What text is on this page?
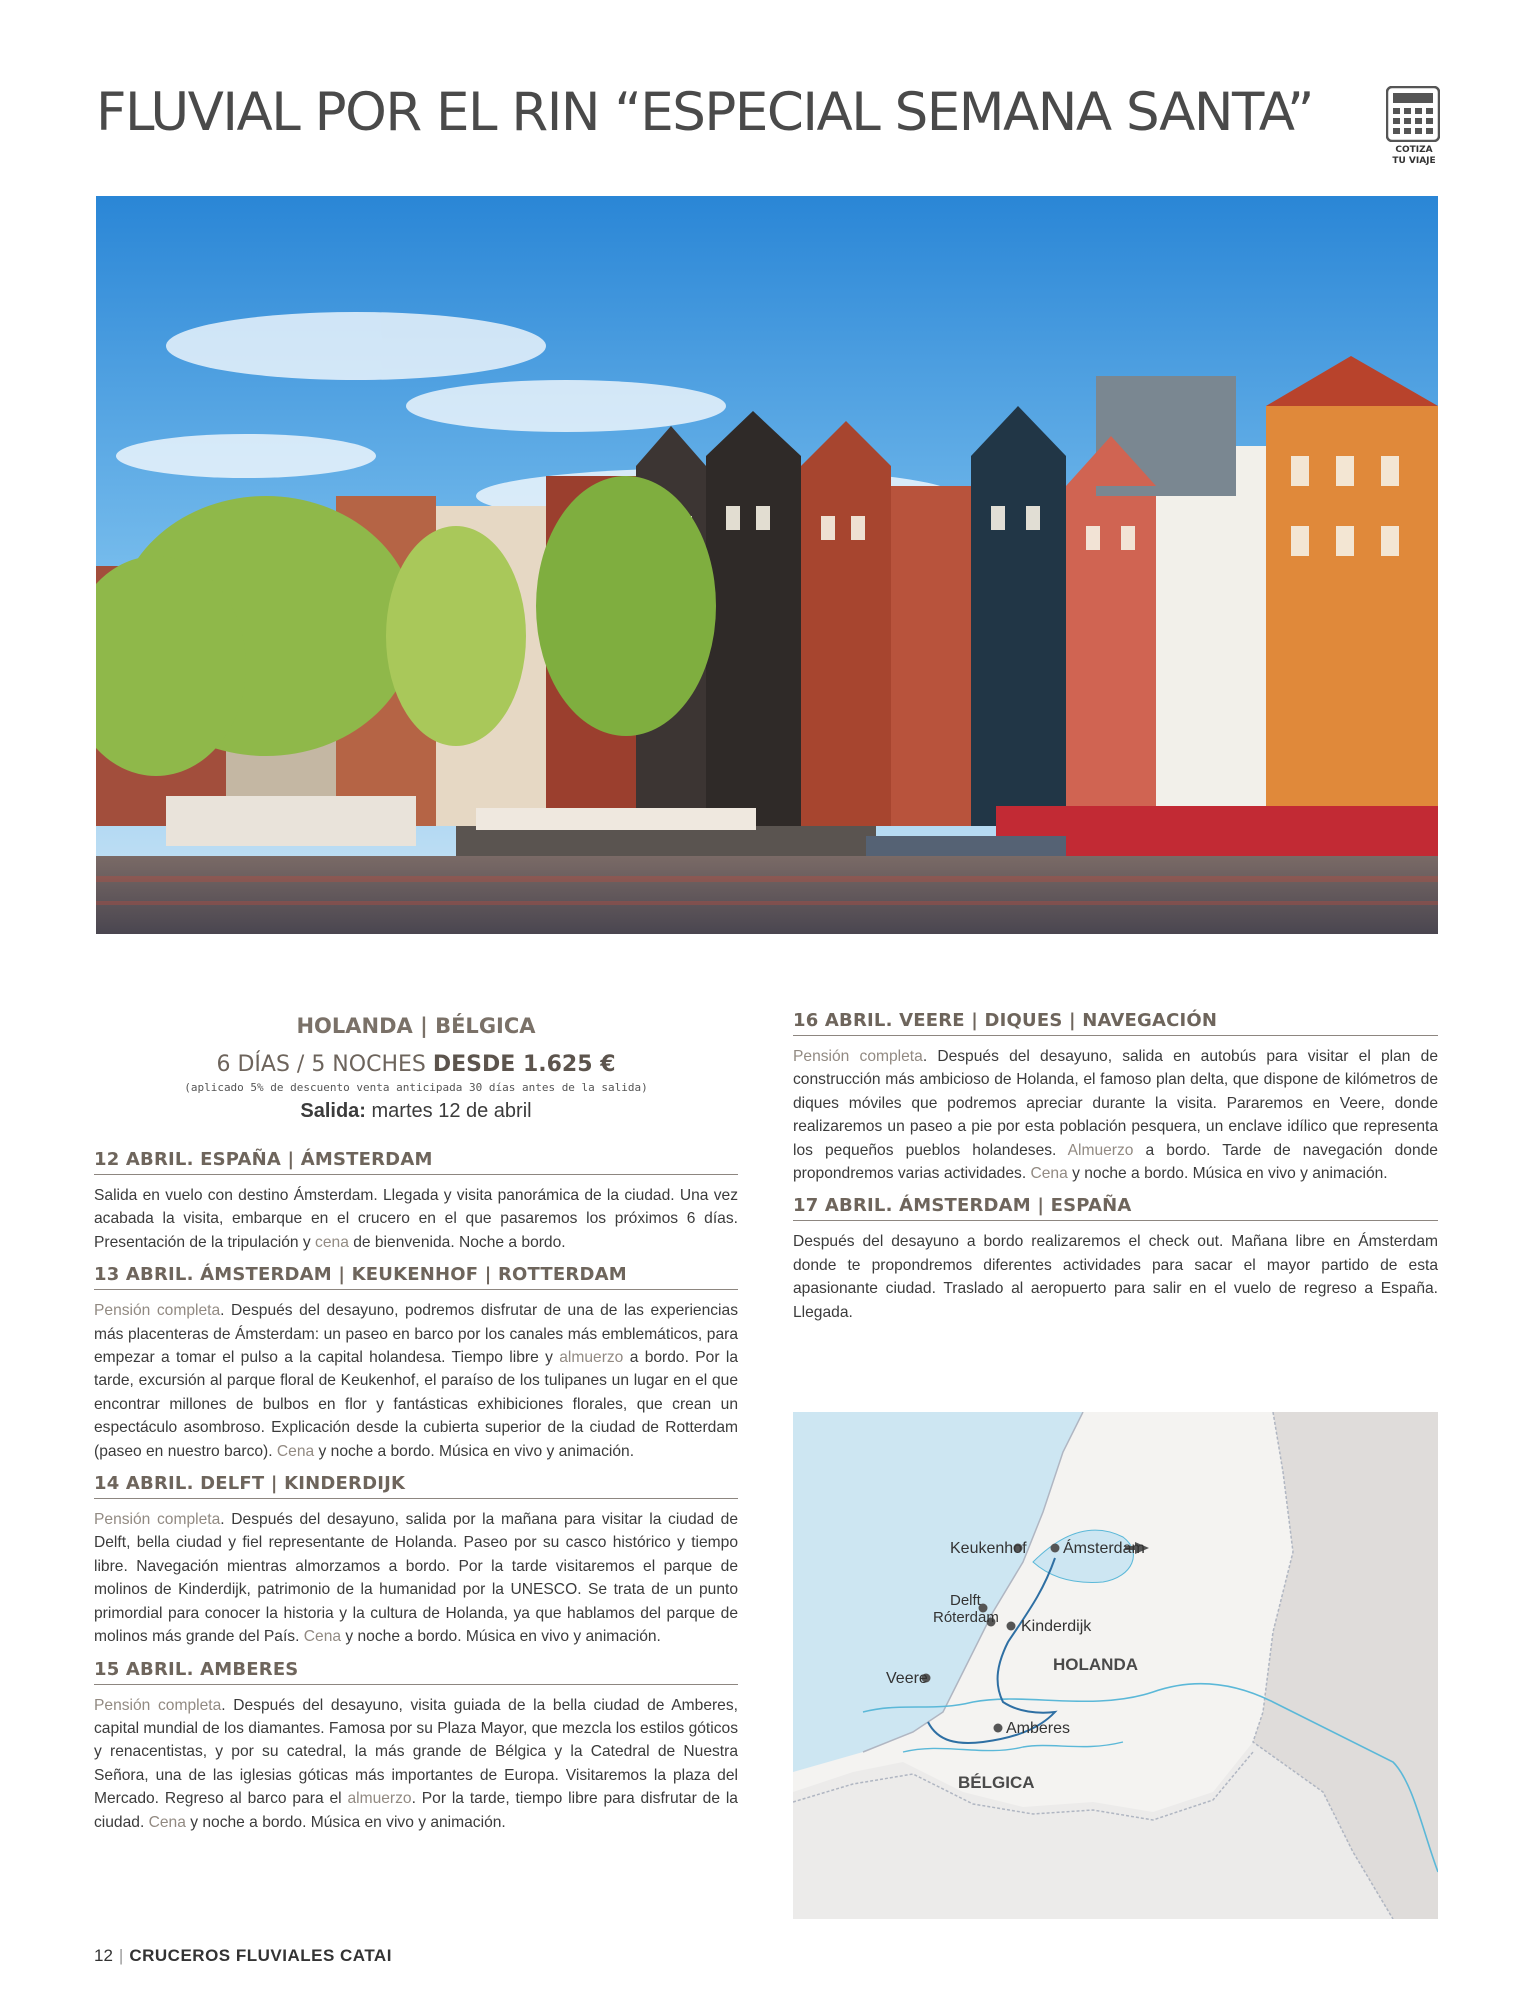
FLUVIAL POR EL RIN “ESPECIAL SEMANA SANTA”
COTIZA
TU VIAJE
HOLANDA | BÉLGICA
6 DÍAS / 5 NOCHES DESDE 1.625 €
(aplicado 5% de descuento venta anticipada 30 días antes de la salida)
Salida: martes 12 de abril
12 ABRIL. ESPAÑA | ÁMSTERDAM

Salida en vuelo con destino Ámsterdam. Llegada y visita panorámica de la ciudad. Una vez acabada la visita, embarque en el crucero en el que pasaremos los próximos 6 días. Presentación de la tripulación y cena de bienvenida. Noche a bordo.

13 ABRIL. ÁMSTERDAM | KEUKENHOF | ROTTERDAM

Pensión completa. Después del desayuno, podremos disfrutar de una de las experiencias más placenteras de Ámsterdam: un paseo en barco por los canales más emblemáticos, para empezar a tomar el pulso a la capital holandesa. Tiempo libre y almuerzo a bordo. Por la tarde, excursión al parque floral de Keukenhof, el paraíso de los tulipanes un lugar en el que encontrar millones de bulbos en flor y fantásticas exhibiciones florales, que crean un espectáculo asombroso. Explicación desde la cubierta superior de la ciudad de Rotterdam (paseo en nuestro barco). Cena y noche a bordo. Música en vivo y animación.

14 ABRIL. DELFT | KINDERDIJK

Pensión completa. Después del desayuno, salida por la mañana para visitar la ciudad de Delft, bella ciudad y fiel representante de Holanda. Paseo por su casco histórico y tiempo libre. Navegación mientras almorzamos a bordo. Por la tarde visitaremos el parque de molinos de Kinderdijk, patrimonio de la humanidad por la UNESCO. Se trata de un punto primordial para conocer la historia y la cultura de Holanda, ya que hablamos del parque de molinos más grande del País. Cena y noche a bordo. Música en vivo y animación.

15 ABRIL. AMBERES

Pensión completa. Después del desayuno, visita guiada de la bella ciudad de Amberes, capital mundial de los diamantes. Famosa por su Plaza Mayor, que mezcla los estilos góticos y renacentistas, y por su catedral, la más grande de Bélgica y la Catedral de Nuestra Señora, una de las iglesias góticas más importantes de Europa. Visitaremos la plaza del Mercado. Regreso al barco para el almuerzo. Por la tarde, tiempo libre para disfrutar de la ciudad. Cena y noche a bordo. Música en vivo y animación.

16 ABRIL. VEERE | DIQUES | NAVEGACIÓN

Pensión completa. Después del desayuno, salida en autobús para visitar el plan de construcción más ambicioso de Holanda, el famoso plan delta, que dispone de kilómetros de diques móviles que podremos apreciar durante la visita. Pararemos en Veere, donde realizaremos un paseo a pie por esta población pesquera, un enclave idílico que representa los pequeños pueblos holandeses. Almuerzo a bordo. Tarde de navegación donde propondremos varias actividades. Cena y noche a bordo. Música en vivo y animación.

17 ABRIL. ÁMSTERDAM | ESPAÑA

Después del desayuno a bordo realizaremos el check out. Mañana libre en Ámsterdam donde te propondremos diferentes actividades para sacar el mayor partido de esta apasionante ciudad. Traslado al aeropuerto para salir en el vuelo de regreso a España. Llegada.

Keukenhof Ámsterdam
Delft
Róterdam
Kinderdijk
Veere
Amberes
HOLANDA
BÉLGICA
12 | CRUCEROS FLUVIALES CATAI
